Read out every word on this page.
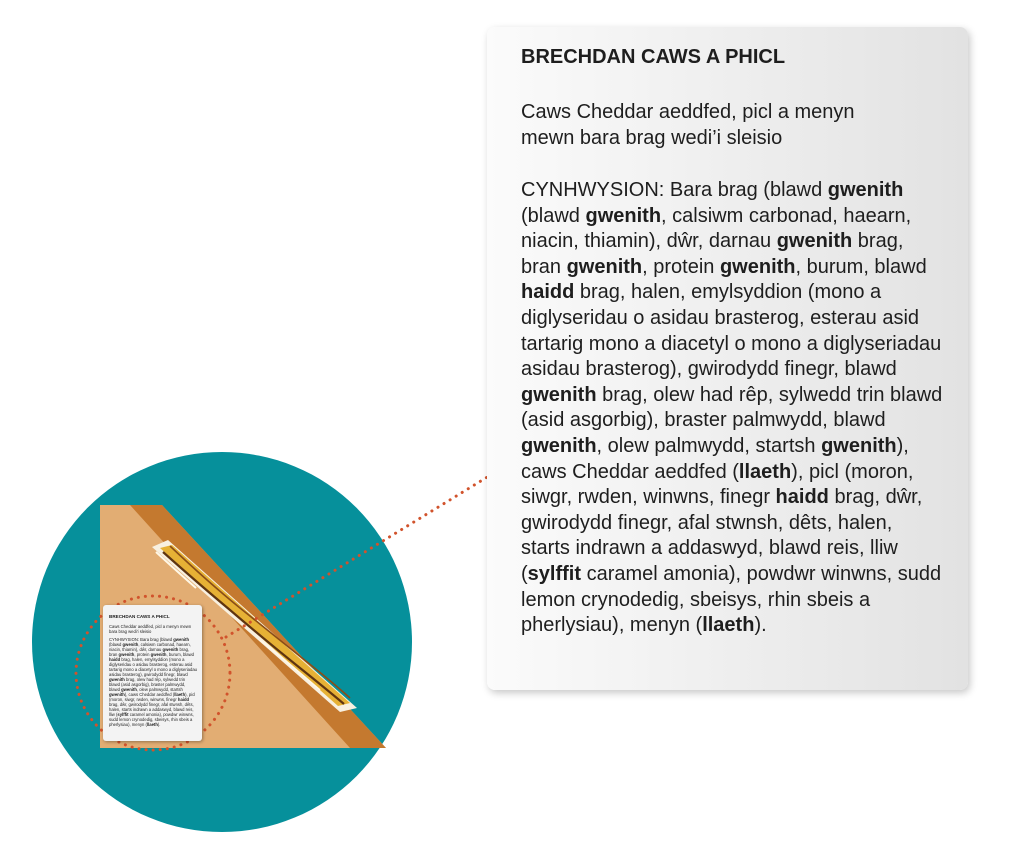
BRECHDAN CAWS A PHICL
Caws Cheddar aeddfed, picl a menyn mewn bara brag wedi’i sleisio
CYNHWYSION: Bara brag (blawd gwenith (blawd gwenith, calsiwm carbonad, haearn, niacin, thiamin), dŵr, darnau gwenith brag, bran gwenith, protein gwenith, burum, blawd haidd brag, halen, emylsyddion (mono a diglyseridau o asidau brasterog, esterau asid tartarig mono a diacetyl o mono a diglyseriadau asidau brasterog), gwirodydd finegr, blawd gwenith brag, olew had rêp, sylwedd trin blawd (asid asgorbig), braster palmwydd, blawd gwenith, olew palmwydd, startsh gwenith), caws Cheddar aeddfed (llaeth), picl (moron, siwgr, rwden, winwns, finegr haidd brag, dŵr, gwirodydd finegr, afal stwnsh, dêts, halen, starts indrawn a addaswyd, blawd reis, lliw (sylffit caramel amonia), powdwr winwns, sudd lemon crynodedig, sbeisys, rhin sbeis a pherlysiau), menyn (llaeth).
BRECHDAN CAWS A PHICL
Caws Cheddar aeddfed, picl a menyn mewn bara brag wedi’i sleisio
CYNHWYSION: Bara brag (blawd gwenith (blawd gwenith, calsiwm carbonad, haearn, niacin, thiamin), dŵr, darnau gwenith brag, bran gwenith, protein gwenith, burum, blawd haidd brag, halen, emylsyddion (mono a diglyseridau o asidau brasterog, esterau asid tartarig mono a diacetyl o mono a diglyseriadau asidau brasterog), gwirodydd finegr, blawd gwenith brag, olew had rêp, sylwedd trin blawd (asid asgorbig), braster palmwydd, blawd gwenith, olew palmwydd, startsh gwenith), caws Cheddar aeddfed (llaeth), picl (moron, siwgr, rwden, winwns, finegr haidd brag, dŵr, gwirodydd finegr, afal stwnsh, dêts, halen, starts indrawn a addaswyd, blawd reis, lliw (sylffit caramel amonia), powdwr winwns, sudd lemon crynodedig, sbeisys, rhin sbeis a pherlysiau), menyn (llaeth).
